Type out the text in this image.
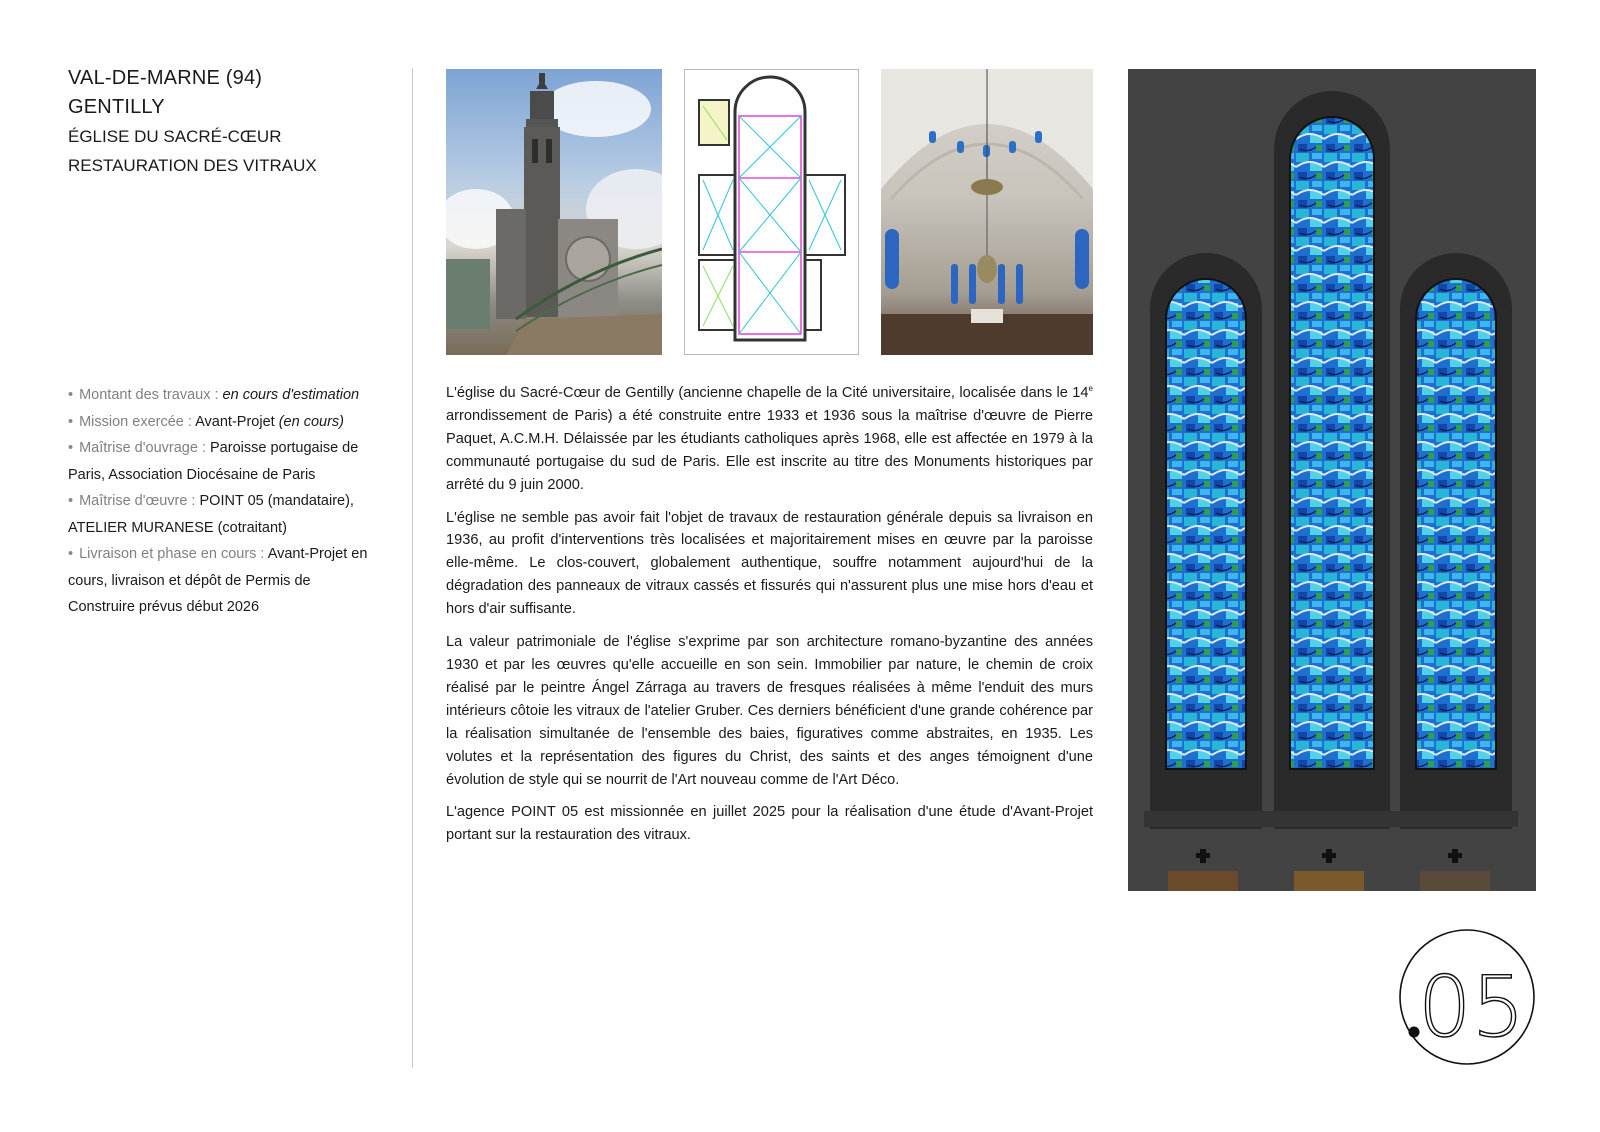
VAL-DE-MARNE (94)
GENTILLY
ÉGLISE DU SACRÉ-CŒUR
RESTAURATION DES VITRAUX
• Montant des travaux : en cours d'estimation
• Mission exercée : Avant-Projet (en cours)
• Maîtrise d'ouvrage : Paroisse portugaise de Paris, Association Diocésaine de Paris
• Maîtrise d'œuvre : POINT 05 (mandataire), ATELIER MURANESE (cotraitant)
• Livraison et phase en cours : Avant-Projet en cours, livraison et dépôt de Permis de Construire prévus début 2026

L'église du Sacré-Cœur de Gentilly (ancienne chapelle de la Cité universitaire, localisée dans le 14e arrondissement de Paris) a été construite entre 1933 et 1936 sous la maîtrise d'œuvre de Pierre Paquet, A.C.M.H. Délaissée par les étudiants catholiques après 1968, elle est affectée en 1979 à la communauté portugaise du sud de Paris. Elle est inscrite au titre des Monuments historiques par arrêté du 9 juin 2000.

L'église ne semble pas avoir fait l'objet de travaux de restauration générale depuis sa livraison en 1936, au profit d'interventions très localisées et majoritairement mises en œuvre par la paroisse elle-même. Le clos-couvert, globalement authentique, souffre notamment aujourd'hui de la dégradation des panneaux de vitraux cassés et fissurés qui n'assurent plus une mise hors d'eau et hors d'air suffisante.

La valeur patrimoniale de l'église s'exprime par son architecture romano-byzantine des années 1930 et par les œuvres qu'elle accueille en son sein. Immobilier par nature, le chemin de croix réalisé par le peintre Ángel Zárraga au travers de fresques réalisées à même l'enduit des murs intérieurs côtoie les vitraux de l'atelier Gruber. Ces derniers bénéficient d'une grande cohérence par la réalisation simultanée de l'ensemble des baies, figuratives comme abstraites, en 1935. Les volutes et la représentation des figures du Christ, des saints et des anges témoignent d'une évolution de style qui se nourrit de l'Art nouveau comme de l'Art Déco.

L'agence POINT 05 est missionnée en juillet 2025 pour la réalisation d'une étude d'Avant-Projet portant sur la restauration des vitraux.

05
